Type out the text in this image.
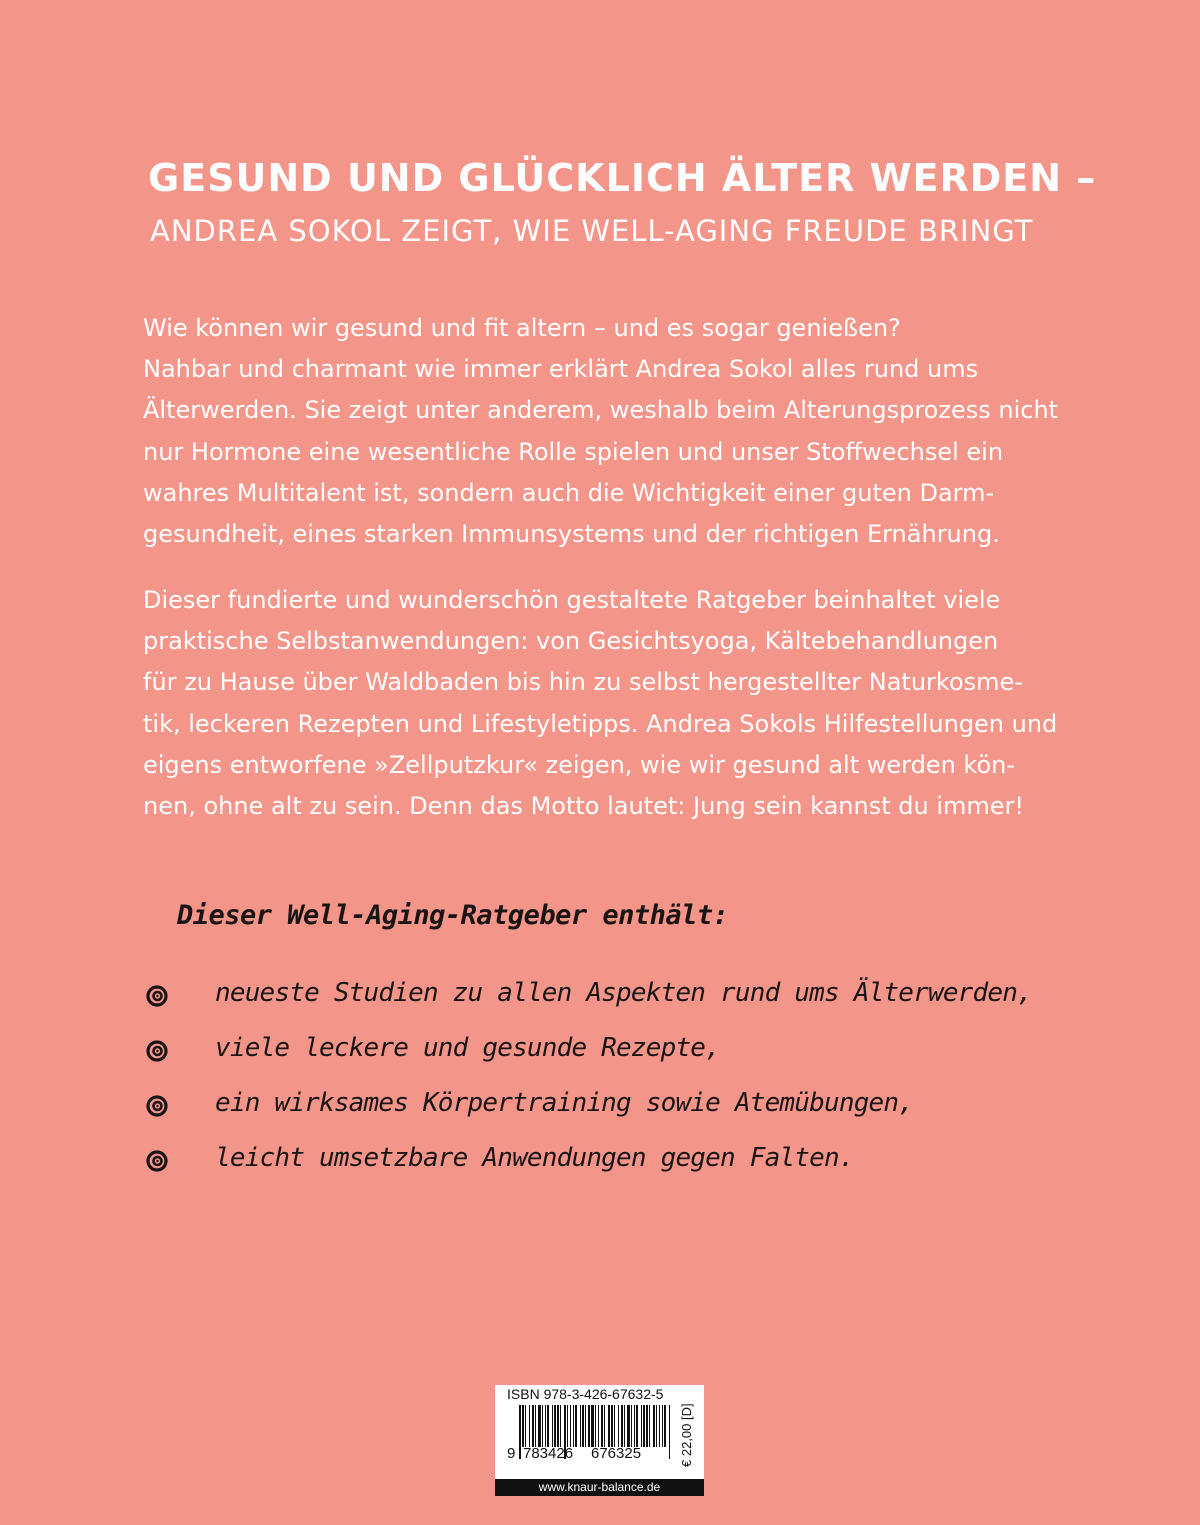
GESUND UND GLÜCKLICH ÄLTER WERDEN –
ANDREA SOKOL ZEIGT, WIE WELL-AGING FREUDE BRINGT

Wie können wir gesund und fit altern – und es sogar genießen?
Nahbar und charmant wie immer erklärt Andrea Sokol alles rund ums
Älterwerden. Sie zeigt unter anderem, weshalb beim Alterungsprozess nicht
nur Hormone eine wesentliche Rolle spielen und unser Stoffwechsel ein
wahres Multitalent ist, sondern auch die Wichtigkeit einer guten Darm-
gesundheit, eines starken Immunsystems und der richtigen Ernährung.

Dieser fundierte und wunderschön gestaltete Ratgeber beinhaltet viele
praktische Selbstanwendungen: von Gesichtsyoga, Kältebehandlungen
für zu Hause über Waldbaden bis hin zu selbst hergestellter Naturkosme-
tik, leckeren Rezepten und Lifestyletipps. Andrea Sokols Hilfestellungen und
eigens entworfene »Zellputzkur« zeigen, wie wir gesund alt werden kön-
nen, ohne alt zu sein. Denn das Motto lautet: Jung sein kannst du immer!

Dieser Well-Aging-Ratgeber enthält:
neueste Studien zu allen Aspekten rund ums Älterwerden,
viele leckere und gesunde Rezepte,
ein wirksames Körpertraining sowie Atemübungen,
leicht umsetzbare Anwendungen gegen Falten.
ISBN 978-3-426-67632-5
9 783426 676325	€ 22,00 [D]
www.knaur-balance.de
